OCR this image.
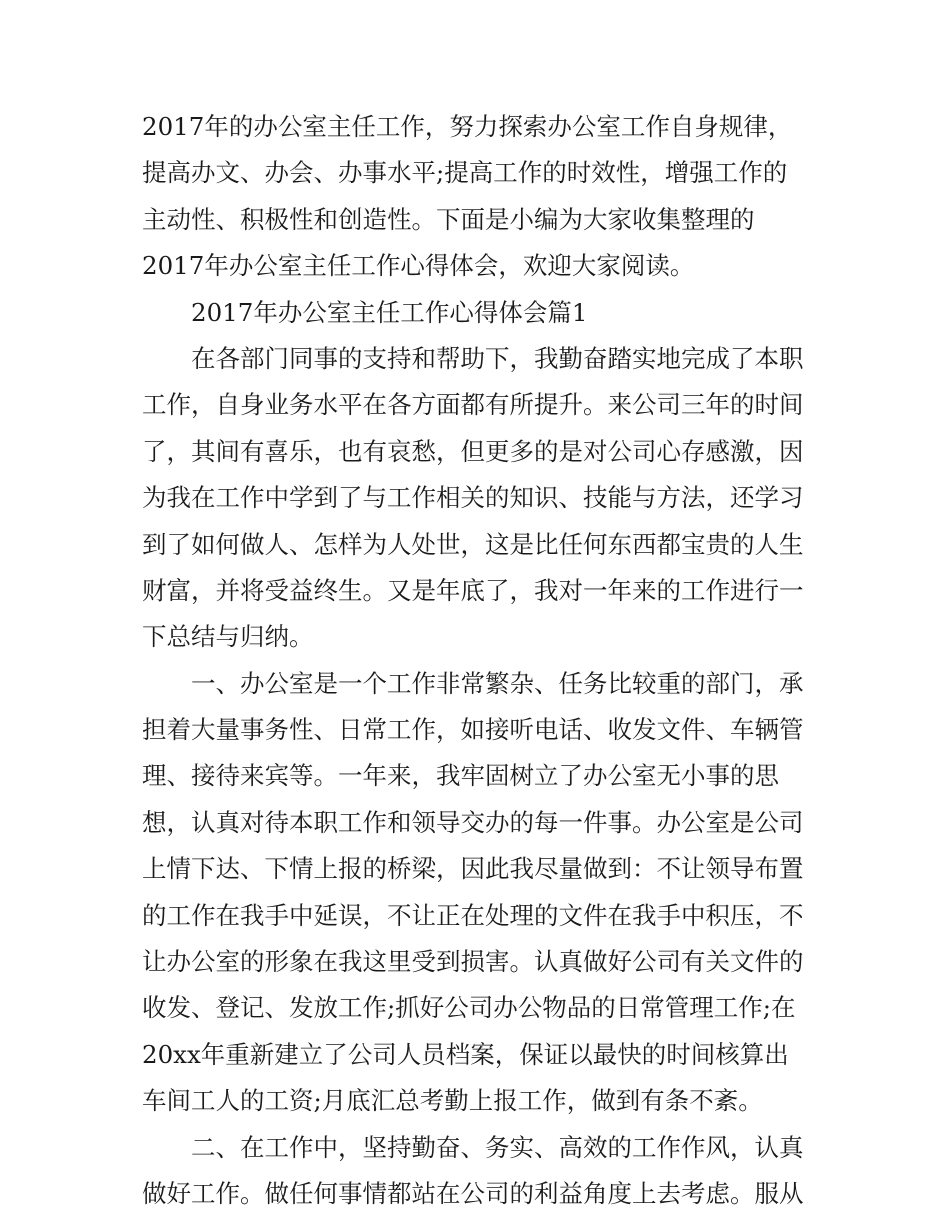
2017年的办公室主任工作，努力探索办公室工作自身规律，
提高办文、办会、办事水平;提高工作的时效性，增强工作的
主动性、积极性和创造性。下面是小编为大家收集整理的
2017年办公室主任工作心得体会，欢迎大家阅读。
2017年办公室主任工作心得体会篇1
在各部门同事的支持和帮助下，我勤奋踏实地完成了本职
工作，自身业务水平在各方面都有所提升。来公司三年的时间
了，其间有喜乐，也有哀愁，但更多的是对公司心存感激，因
为我在工作中学到了与工作相关的知识、技能与方法，还学习
到了如何做人、怎样为人处世，这是比任何东西都宝贵的人生
财富，并将受益终生。又是年底了，我对一年来的工作进行一
下总结与归纳。
一、办公室是一个工作非常繁杂、任务比较重的部门，承
担着大量事务性、日常工作，如接听电话、收发文件、车辆管
理、接待来宾等。一年来，我牢固树立了办公室无小事的思
想，认真对待本职工作和领导交办的每一件事。办公室是公司
上情下达、下情上报的桥梁，因此我尽量做到：不让领导布置
的工作在我手中延误，不让正在处理的文件在我手中积压，不
让办公室的形象在我这里受到损害。认真做好公司有关文件的
收发、登记、发放工作;抓好公司办公物品的日常管理工作;在
20xx年重新建立了公司人员档案，保证以最快的时间核算出
车间工人的工资;月底汇总考勤上报工作，做到有条不紊。
二、在工作中，坚持勤奋、务实、高效的工作作风，认真
做好工作。做任何事情都站在公司的利益角度上去考虑。服从
